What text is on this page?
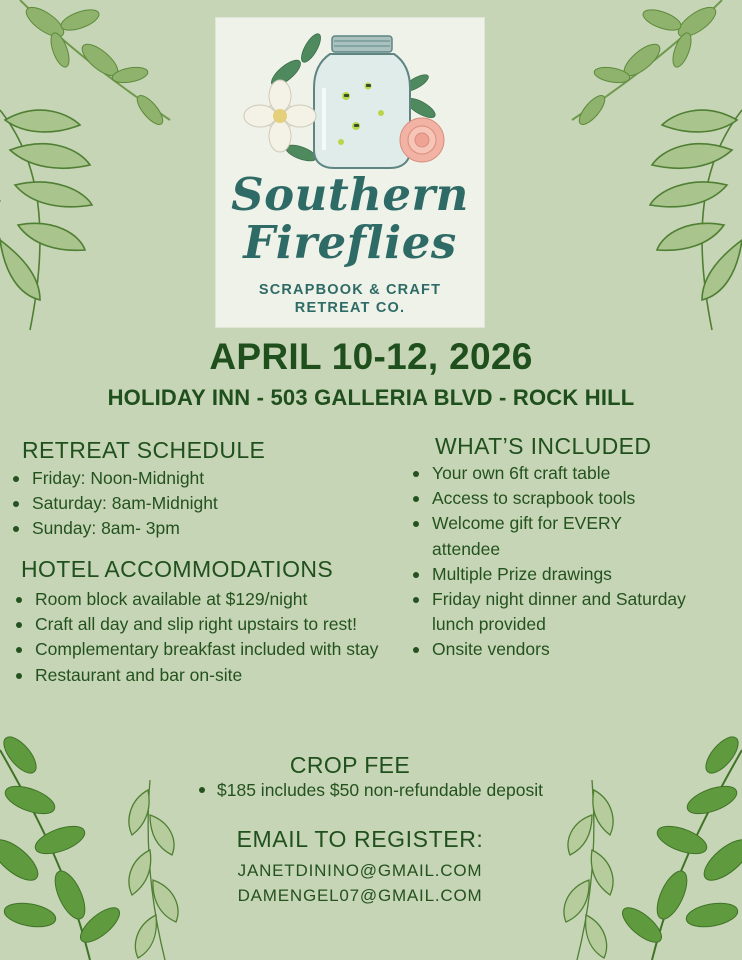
Southern
Fireflies
SCRAPBOOK & CRAFT
RETREAT CO.
APRIL 10-12, 2026
HOLIDAY INN - 503 GALLERIA BLVD - ROCK HILL
RETREAT SCHEDULE
Friday: Noon-Midnight
Saturday: 8am-Midnight
Sunday: 8am- 3pm
HOTEL ACCOMMODATIONS
Room block available at $129/night
Craft all day and slip right upstairs to rest!
Complementary breakfast included with stay
Restaurant and bar on-site
WHAT’S INCLUDED
Your own 6ft craft table
Access to scrapbook tools
Welcome gift for EVERY attendee
Multiple Prize drawings
Friday night dinner and Saturday lunch provided
Onsite vendors
CROP FEE
$185 includes $50 non-refundable deposit
EMAIL TO REGISTER:
JANETDININO@GMAIL.COM
DAMENGEL07@GMAIL.COM
